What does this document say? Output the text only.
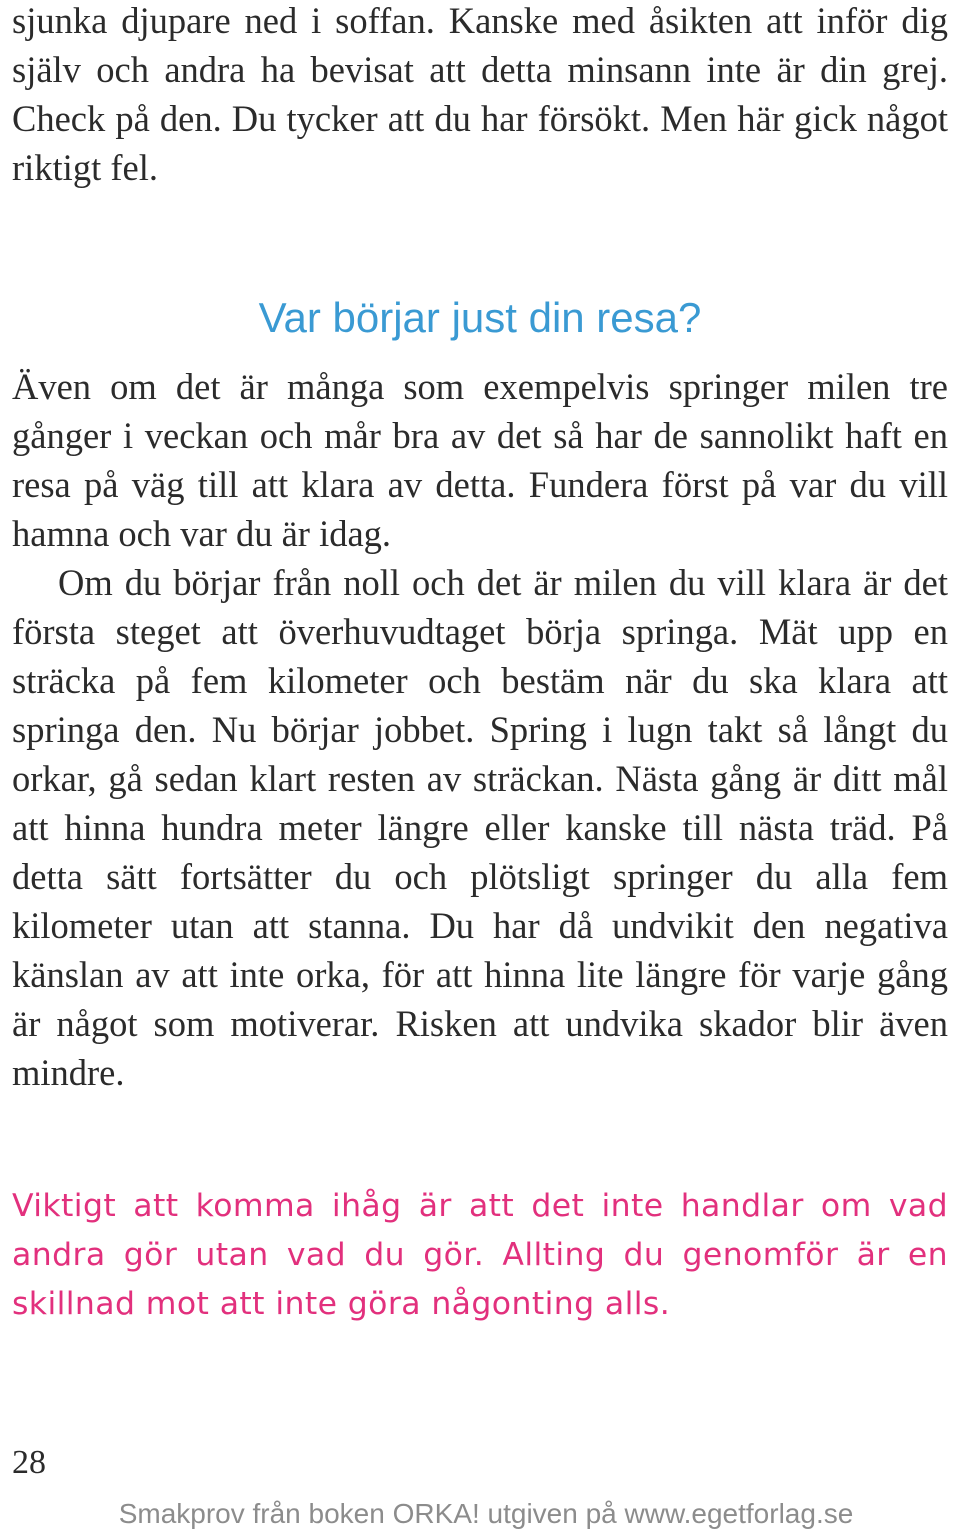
sjunka djupare ned i soffan. Kanske med åsikten att inför dig själv och andra ha bevisat att detta minsann inte är din grej. Check på den. Du tycker att du har försökt. Men här gick något riktigt fel.

Var börjar just din resa?

Även om det är många som exempelvis springer milen tre gånger i veckan och mår bra av det så har de sannolikt haft en resa på väg till att klara av detta. Fundera först på var du vill hamna och var du är idag.

Om du börjar från noll och det är milen du vill klara är det första steget att överhuvudtaget börja springa. Mät upp en sträcka på fem kilometer och bestäm när du ska klara att springa den. Nu börjar jobbet. Spring i lugn takt så långt du orkar, gå sedan klart resten av sträckan. Nästa gång är ditt mål att hinna hundra meter längre eller kanske till nästa träd. På detta sätt fortsätter du och plötsligt springer du alla fem kilometer utan att stanna. Du har då undvikit den negativa känslan av att inte orka, för att hinna lite längre för varje gång är något som motiverar. Risken att undvika skador blir även mindre.

Viktigt att komma ihåg är att det inte handlar om vad andra gör utan vad du gör. Allting du genomför är en skillnad mot att inte göra någonting alls.

28

Smakprov från boken ORKA! utgiven på www.egetforlag.se
